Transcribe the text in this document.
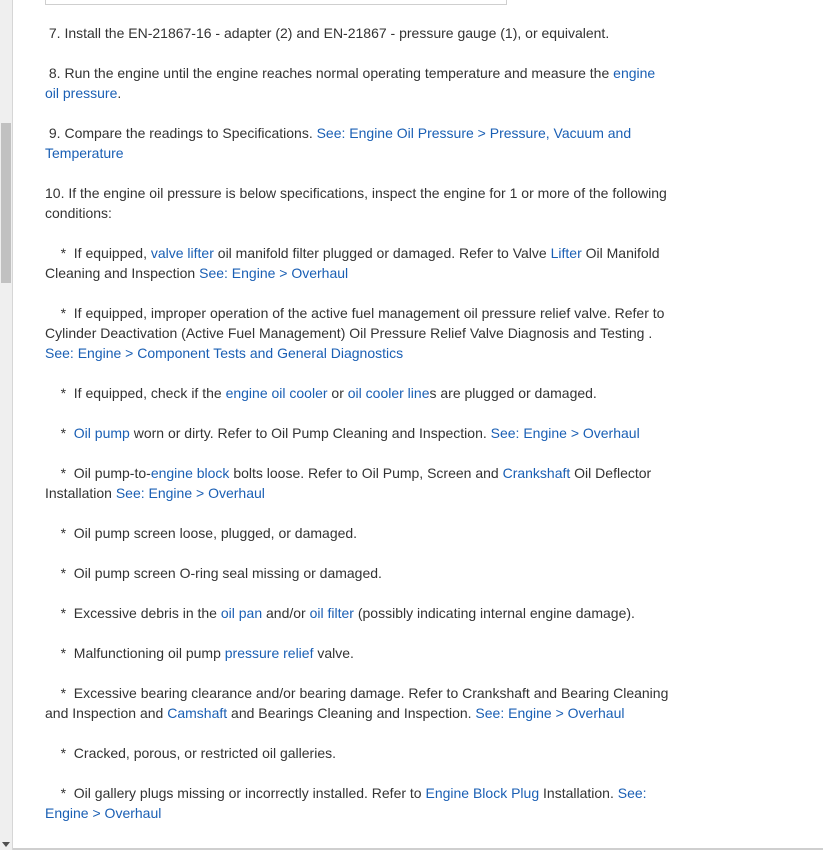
7. Install the EN-21867-16 - adapter (2) and EN-21867 - pressure gauge (1), or equivalent.
8. Run the engine until the engine reaches normal operating temperature and measure the engine oil pressure.
9. Compare the readings to Specifications. See: Engine Oil Pressure > Pressure, Vacuum and Temperature
10. If the engine oil pressure is below specifications, inspect the engine for 1 or more of the following conditions:
*  If equipped, valve lifter oil manifold filter plugged or damaged. Refer to Valve Lifter Oil Manifold Cleaning and Inspection See: Engine > Overhaul
*  If equipped, improper operation of the active fuel management oil pressure relief valve. Refer to Cylinder Deactivation (Active Fuel Management) Oil Pressure Relief Valve Diagnosis and Testing . See: Engine > Component Tests and General Diagnostics
*  If equipped, check if the engine oil cooler or oil cooler lines are plugged or damaged.
*  Oil pump worn or dirty. Refer to Oil Pump Cleaning and Inspection. See: Engine > Overhaul
*  Oil pump-to-engine block bolts loose. Refer to Oil Pump, Screen and Crankshaft Oil Deflector Installation See: Engine > Overhaul
*  Oil pump screen loose, plugged, or damaged.
*  Oil pump screen O-ring seal missing or damaged.
*  Excessive debris in the oil pan and/or oil filter (possibly indicating internal engine damage).
*  Malfunctioning oil pump pressure relief valve.
*  Excessive bearing clearance and/or bearing damage. Refer to Crankshaft and Bearing Cleaning and Inspection and Camshaft and Bearings Cleaning and Inspection. See: Engine > Overhaul
*  Cracked, porous, or restricted oil galleries.
*  Oil gallery plugs missing or incorrectly installed. Refer to Engine Block Plug Installation. See: Engine > Overhaul
